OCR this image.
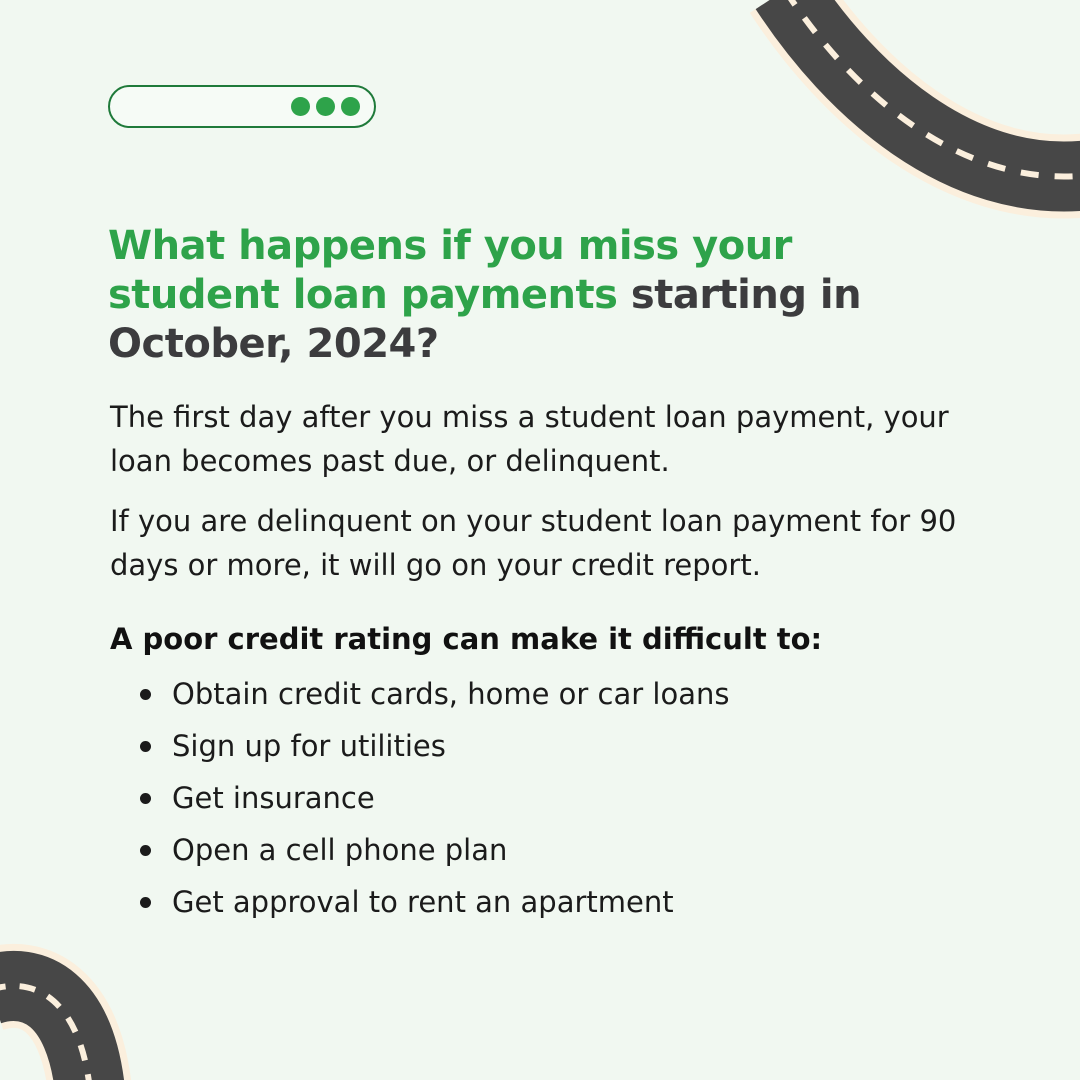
What happens if you miss your student loan payments starting in October, 2024?

The first day after you miss a student loan payment, your loan becomes past due, or delinquent.

If you are delinquent on your student loan payment for 90 days or more, it will go on your credit report.

A poor credit rating can make it difficult to:
Obtain credit cards, home or car loans
Sign up for utilities
Get insurance
Open a cell phone plan
Get approval to rent an apartment
